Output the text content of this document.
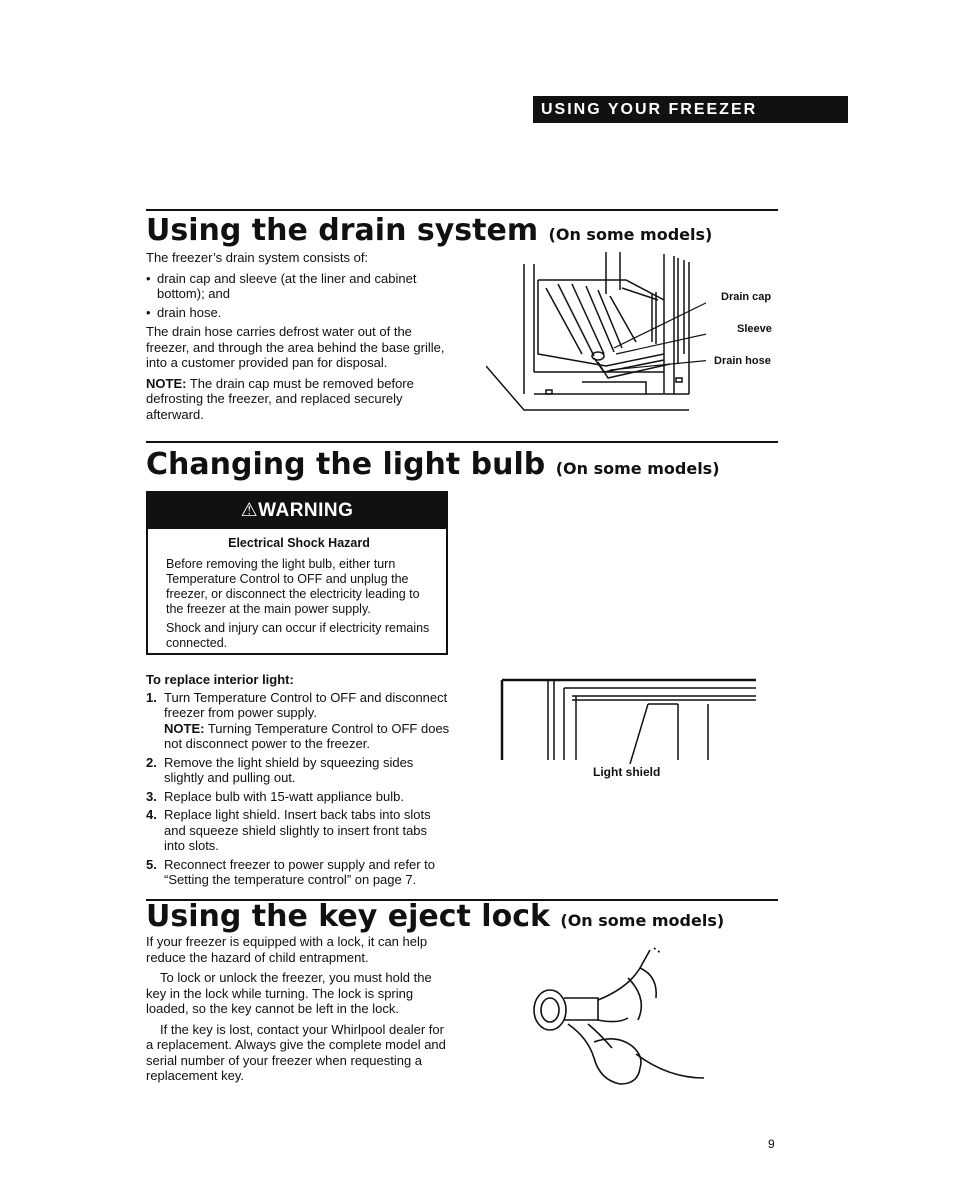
USING YOUR FREEZER
Using the drain system (On some models)

The freezer’s drain system consists of:

• drain cap and sleeve (at the liner and cabinet bottom); and
• drain hose.

The drain hose carries defrost water out of the freezer, and through the area behind the base grille, into a customer provided pan for disposal.

NOTE: The drain cap must be removed before defrosting the freezer, and replaced securely afterward.

Drain cap
Sleeve
Drain hose
Changing the light bulb (On some models)
⚠WARNING

Electrical Shock Hazard

Before removing the light bulb, either turn Temperature Control to OFF and unplug the freezer, or disconnect the electricity leading to the freezer at the main power supply.

Shock and injury can occur if electricity remains connected.

To replace interior light:

1. Turn Temperature Control to OFF and disconnect freezer from power supply.
NOTE: Turning Temperature Control to OFF does not disconnect power to the freezer.
2. Remove the light shield by squeezing sides slightly and pulling out.
3. Replace bulb with 15-watt appliance bulb.
4. Replace light shield. Insert back tabs into slots and squeeze shield slightly to insert front tabs into slots.
5. Reconnect freezer to power supply and refer to “Setting the temperature control” on page 7.
Light shield
Using the key eject lock (On some models)

If your freezer is equipped with a lock, it can help reduce the hazard of child entrapment.

To lock or unlock the freezer, you must hold the key in the lock while turning. The lock is spring loaded, so the key cannot be left in the lock.

If the key is lost, contact your Whirlpool dealer for a replacement. Always give the complete model and serial number of your freezer when requesting a replacement key.

9
